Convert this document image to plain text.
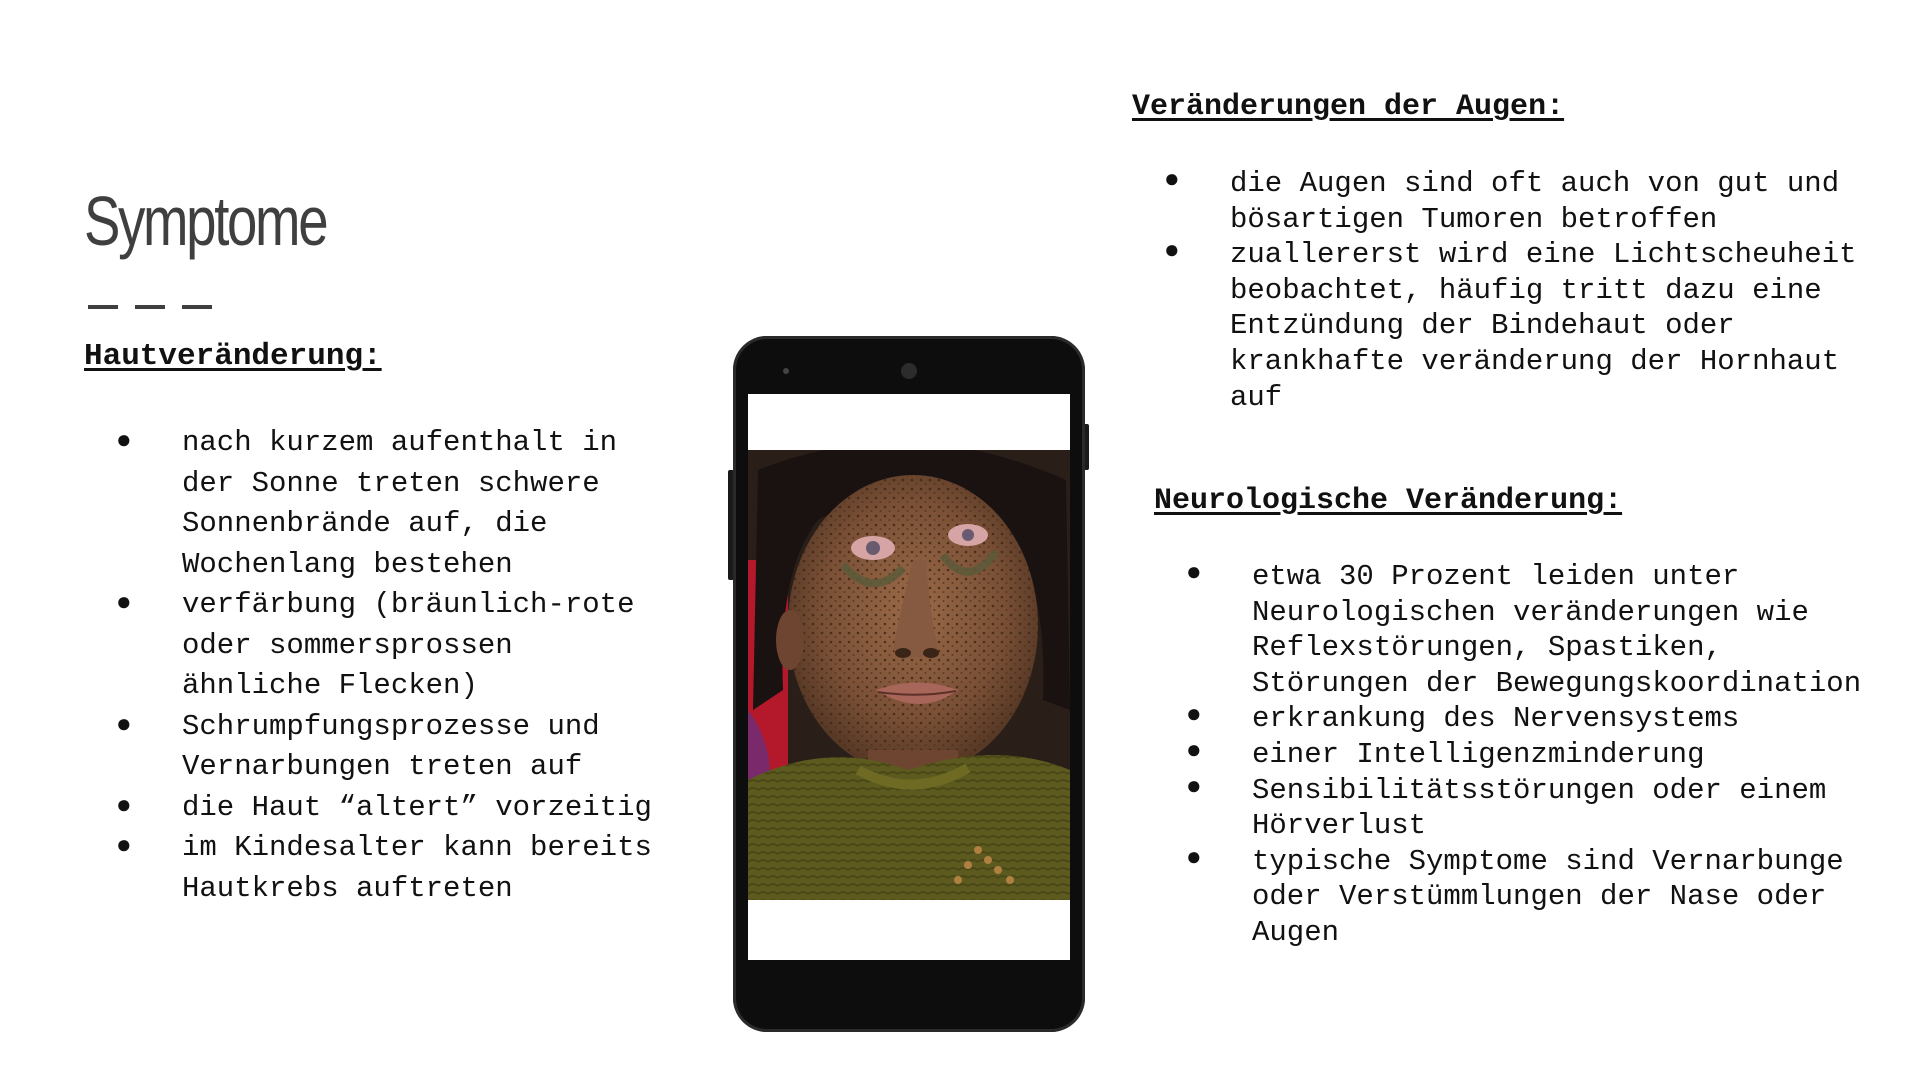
Symptome
Hautveränderung:
● nach kurzem aufenthalt in der Sonne treten schwere Sonnenbrände auf, die Wochenlang bestehen
● verfärbung (bräunlich-rote oder sommersprossen ähnliche Flecken)
● Schrumpfungsprozesse und Vernarbungen treten auf
● die Haut “altert” vorzeitig
● im Kindesalter kann bereits Hautkrebs auftreten
Veränderungen der Augen:
● die Augen sind oft auch von gut und bösartigen Tumoren betroffen
● zuallererst wird eine Lichtscheuheit beobachtet, häufig tritt dazu eine Entzündung der Bindehaut oder krankhafte veränderung der Hornhaut auf
Neurologische Veränderung:
● etwa 30 Prozent leiden unter Neurologischen veränderungen wie Reflexstörungen, Spastiken, Störungen der Bewegungskoordination
● erkrankung des Nervensystems
● einer Intelligenzminderung
● Sensibilitätsstörungen oder einem Hörverlust
● typische Symptome sind Vernarbunge oder Verstümmlungen der Nase oder Augen
